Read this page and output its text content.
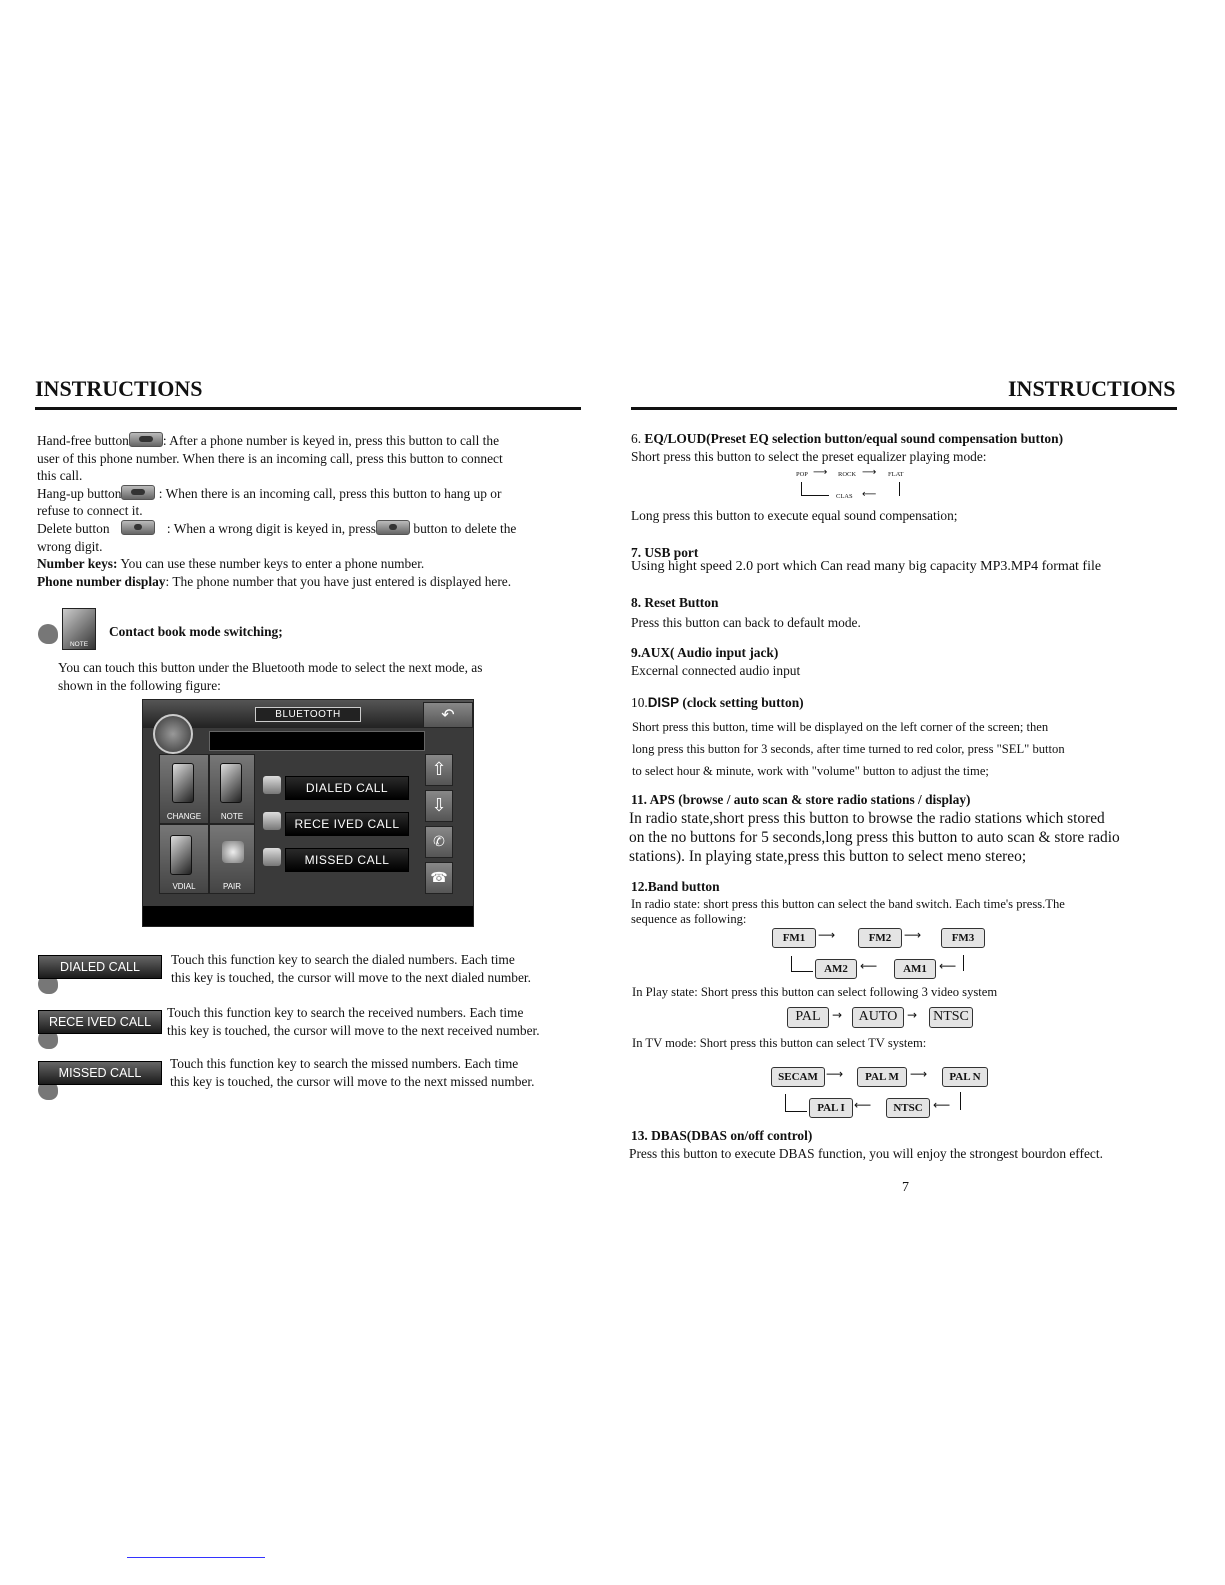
INSTRUCTIONS
Hand-free button	: After a phone number is keyed in, press this button to call the
user of this phone number. When there is an incoming call, press this button to connect
this call.
Hang-up button	: When there is an incoming call, press this button to hang up or
refuse to connect it.
Delete button	: When a wrong digit is keyed in, press	button to delete the
wrong digit.
Number keys: You can use these number keys to enter a phone number.
Phone number display: The phone number that you have just entered is displayed here.
NOTE
Contact book mode switching;
You can touch this button under the Bluetooth mode to select the next mode, as
shown in the following figure:
BLUETOOTH	↶
CHANGE	NOTE
VDIAL	PAIR
DIALED CALL
RECE IVED CALL
MISSED CALL
⇧
⇩
✆
☎
DIALED CALL	Touch this function key to search the dialed numbers. Each time
this key is touched, the cursor will move to the next dialed number.
RECE IVED CALL
Touch this function key to search the received numbers. Each time
this key is touched, the cursor will move to the next received number.
MISSED CALL
Touch this function key to search the missed numbers. Each time
this key is touched, the cursor will move to the next missed number.
INSTRUCTIONS
6. EQ/LOUD(Preset EQ selection button/equal sound compensation button)
Short press this button to select the preset equalizer playing mode:
POP ⟶ ROCK ⟶ FLAT
CLAS ⟵
Long press this button to execute equal sound compensation;
7. USB port
Using hight speed 2.0 port which Can read many big capacity MP3.MP4 format file
8. Reset Button
Press this button can back to default mode.
9.AUX( Audio input jack)
Excernal connected audio input
10.DISP (clock setting button)
Short press this button, time will be displayed on the left corner of the screen; then
long press this button for 3 seconds, after time turned to red color, press "SEL" button
to select hour & minute, work with "volume" button to adjust the time;
11. APS (browse / auto scan & store radio stations / display)
In radio state,short press this button to browse the radio stations which stored
on the no buttons for 5 seconds,long press this button to auto scan & store radio
stations). In playing state,press this button to select meno stereo;
12.Band button
In radio state: short press this button can select the band switch. Each time's press.The
sequence as following:
FM1	⟶	FM2	⟶	FM3
AM2	⟵	AM1	⟵
In Play state: Short press this button can select following 3 video system
PAL →	AUTO → NTSC
In TV mode: Short press this button can select TV system:
SECAM ⟶	PAL M ⟶	PAL N
PAL I ⟵	NTSC ⟵
13. DBAS(DBAS on/off control)
Press this button to execute DBAS function, you will enjoy the strongest bourdon effect.
7
